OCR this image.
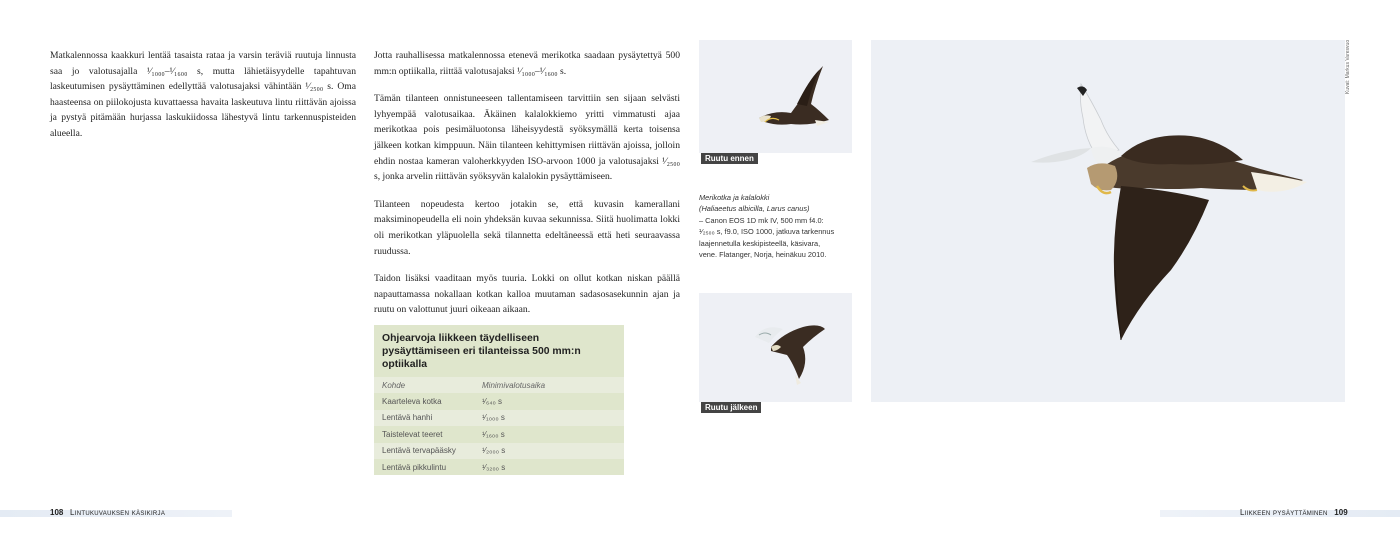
Matkalennossa kaakkuri lentää tasaista rataa ja varsin teräviä ruutuja linnusta saa jo valotusajalla ¹⁄₁₀₀₀–¹⁄₁₆₀₀ s, mutta lähietäisyydelle tapahtuvan laskeutumisen pysäyttäminen edellyttää valotusajaksi vähintään ¹⁄₂₅₀₀ s. Oma haasteensa on piilokojusta kuvattaessa havaita laskeutuva lintu riittävän ajoissa ja pystyä pitämään hurjassa laskukiidossa lähestyvä lintu tarkennuspisteiden alueella.

Jotta rauhallisessa matkalennossa etenevä merikotka saadaan pysäytettyä 500 mm:n optiikalla, riittää valotusajaksi ¹⁄₁₀₀₀–¹⁄₁₆₀₀ s.

Tämän tilanteen onnistuneeseen tallentamiseen tarvittiin sen sijaan selvästi lyhyempää valotusaikaa. Äkäinen kalalokkiemo yritti vimmatusti ajaa merikotkaa pois pesimäluotonsa läheisyydestä syöksymällä kerta toisensa jälkeen kotkan kimppuun. Näin tilanteen kehittymisen riittävän ajoissa, jolloin ehdin nostaa kameran valoherkkyyden ISO-arvoon 1000 ja valotusajaksi ¹⁄₂₅₀₀ s, jonka arvelin riittävän syöksyvän kalalokin pysäyttämiseen.

Tilanteen nopeudesta kertoo jotakin se, että kuvasin kamerallani maksiminopeudella eli noin yhdeksän kuvaa sekunnissa. Siitä huolimatta lokki oli merikotkan yläpuolella sekä tilannetta edeltäneessä että heti seuraavassa ruudussa.

Taidon lisäksi vaaditaan myös tuuria. Lokki on ollut kotkan niskan päällä napauttamassa nokallaan kotkan kalloa muutaman sadasosasekunnin ajan ja ruutu on valottunut juuri oikeaan aikaan.

Ohjearvoja liikkeen täydelliseen pysäyttämiseen eri tilanteissa 500 mm:n optiikalla
Kohde	Minimivalotusaika
Kaarteleva kotka	¹⁄₆₄₀ s
Lentävä hanhi	¹⁄₁₀₀₀ s
Taistelevat teeret	¹⁄₁₆₀₀ s
Lentävä tervapääsky	¹⁄₂₀₀₀ s
Lentävä pikkulintu	¹⁄₃₂₀₀ s
Ruutu ennen
Merikotka ja kalalokki
(Haliaeetus albicilla, Larus canus)
– Canon EOS 1D mk IV, 500 mm f4.0: ¹⁄₂₅₀₀ s, f9.0, ISO 1000, jatkuva tarkennus laajennetulla keskipisteellä, käsivara, vene. Flatanger, Norja, heinäkuu 2010.
Ruutu jälkeen
Kuvat: Markus Varesvuo
108 Lintukuvauksen käsikirja	Liikkeen pysäyttäminen 109
